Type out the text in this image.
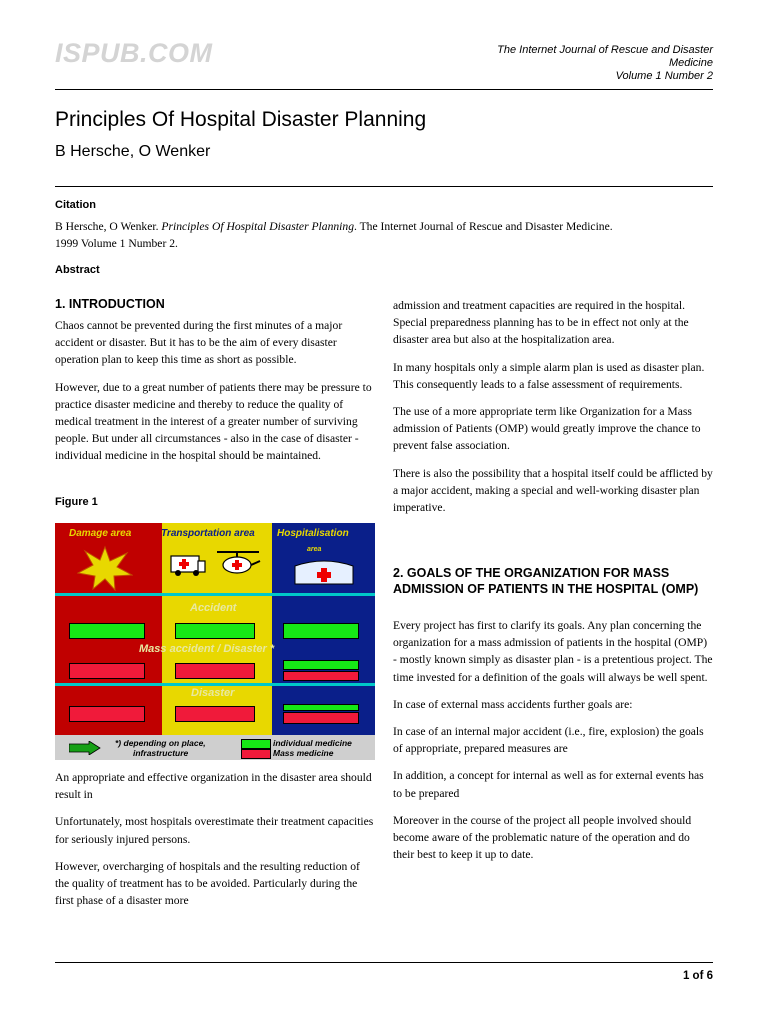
ISPUB.COM	The Internet Journal of Rescue and Disaster
Medicine
Volume 1 Number 2
Principles Of Hospital Disaster Planning
B Hersche, O Wenker
Citation
B Hersche, O Wenker. Principles Of Hospital Disaster Planning. The Internet Journal of Rescue and Disaster Medicine.
1999 Volume 1 Number 2.
Abstract
1. INTRODUCTION

Chaos cannot be prevented during the first minutes of a major accident or disaster. But it has to be the aim of every disaster operation plan to keep this time as short as possible.

However, due to a great number of patients there may be pressure to practice disaster medicine and thereby to reduce the quality of medical treatment in the interest of a greater number of surviving people. But under all circumstances - also in the case of disaster - individual medicine in the hospital should be maintained.

Figure 1
Damage area	Transportation area Hospitalisation
area
Accident
Mass accident / Disaster *
Disaster
*) depending on place,
infrastructure
individual medicine
Mass medicine

An appropriate and effective organization in the disaster area should result in

Unfortunately, most hospitals overestimate their treatment capacities for seriously injured persons.

However, overcharging of hospitals and the resulting reduction of the quality of treatment has to be avoided. Particularly during the first phase of a disaster more

admission and treatment capacities are required in the hospital. Special preparedness planning has to be in effect not only at the disaster area but also at the hospitalization area.

In many hospitals only a simple alarm plan is used as disaster plan. This consequently leads to a false assessment of requirements.

The use of a more appropriate term like Organization for a Mass admission of Patients (OMP) would greatly improve the chance to prevent false association.

There is also the possibility that a hospital itself could be afflicted by a major accident, making a special and well-working disaster plan imperative.

2. GOALS OF THE ORGANIZATION FOR MASS ADMISSION OF PATIENTS IN THE HOSPITAL (OMP)

Every project has first to clarify its goals. Any plan concerning the organization for a mass admission of patients in the hospital (OMP) - mostly known simply as disaster plan - is a pretentious project. The time invested for a definition of the goals will always be well spent.

In case of external mass accidents further goals are:

In case of an internal major accident (i.e., fire, explosion) the goals of appropriate, prepared measures are

In addition, a concept for internal as well as for external events has to be prepared

Moreover in the course of the project all people involved should become aware of the problematic nature of the operation and do their best to keep it up to date.

1 of 6
